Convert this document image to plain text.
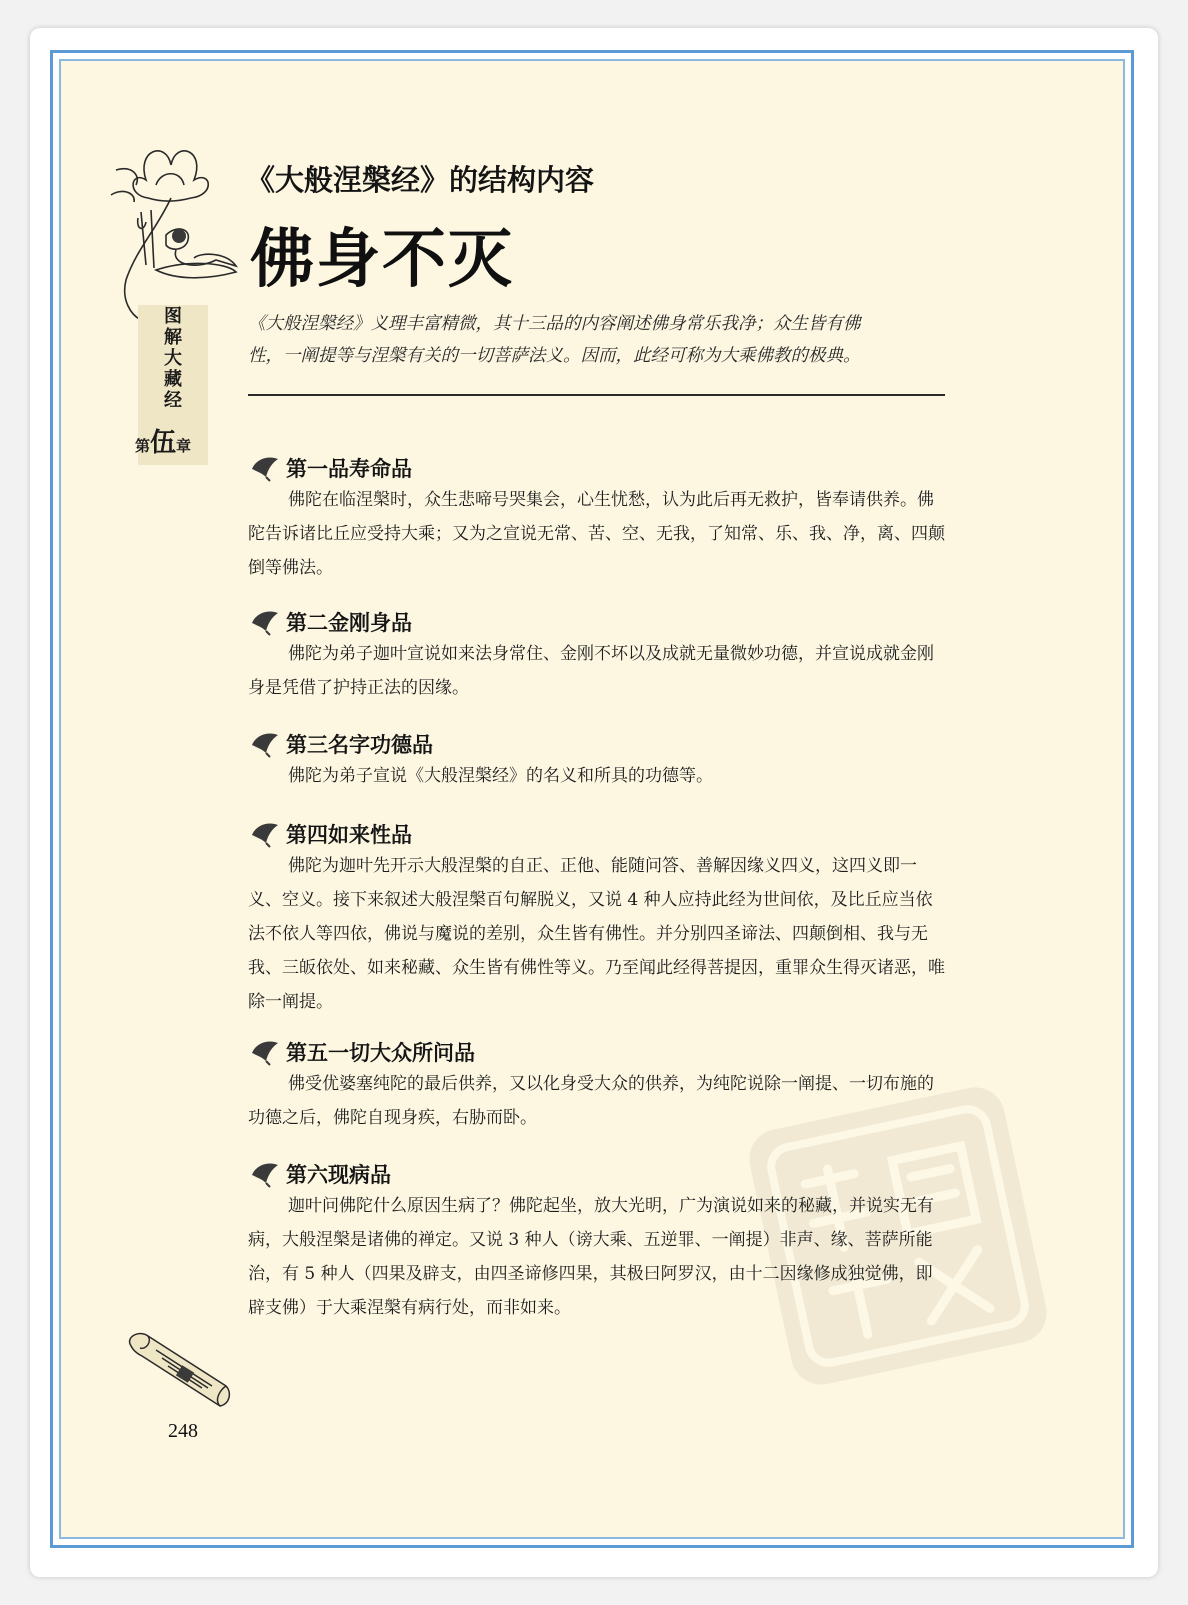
图
解
大
藏
经
第伍章
《大般涅槃经》的结构内容
佛身不灭
《大般涅槃经》义理丰富精微，其十三品的内容阐述佛身常乐我净；众生皆有佛
性，一阐提等与涅槃有关的一切菩萨法义。因而，此经可称为大乘佛教的极典。
第一品寿命品
佛陀在临涅槃时，众生悲啼号哭集会，心生忧愁，认为此后再无救护，皆奉请供养。佛陀告诉诸比丘应受持大乘；又为之宣说无常、苦、空、无我，了知常、乐、我、净，离、四颠倒等佛法。
第二金刚身品
佛陀为弟子迦叶宣说如来法身常住、金刚不坏以及成就无量微妙功德，并宣说成就金刚身是凭借了护持正法的因缘。
第三名字功德品
佛陀为弟子宣说《大般涅槃经》的名义和所具的功德等。
第四如来性品
佛陀为迦叶先开示大般涅槃的自正、正他、能随问答、善解因缘义四义，这四义即一义、空义。接下来叙述大般涅槃百句解脱义，又说 4 种人应持此经为世间依，及比丘应当依法不依人等四依，佛说与魔说的差别，众生皆有佛性。并分别四圣谛法、四颠倒相、我与无我、三皈依处、如来秘藏、众生皆有佛性等义。乃至闻此经得菩提因，重罪众生得灭诸恶，唯除一阐提。
第五一切大众所问品
佛受优婆塞纯陀的最后供养，又以化身受大众的供养，为纯陀说除一阐提、一切布施的功德之后，佛陀自现身疾，右胁而卧。
第六现病品
迦叶问佛陀什么原因生病了？佛陀起坐，放大光明，广为演说如来的秘藏，并说实无有病，大般涅槃是诸佛的禅定。又说 3 种人（谤大乘、五逆罪、一阐提）非声、缘、菩萨所能治，有 5 种人（四果及辟支，由四圣谛修四果，其极曰阿罗汉，由十二因缘修成独觉佛，即辟支佛）于大乘涅槃有病行处，而非如来。
248
